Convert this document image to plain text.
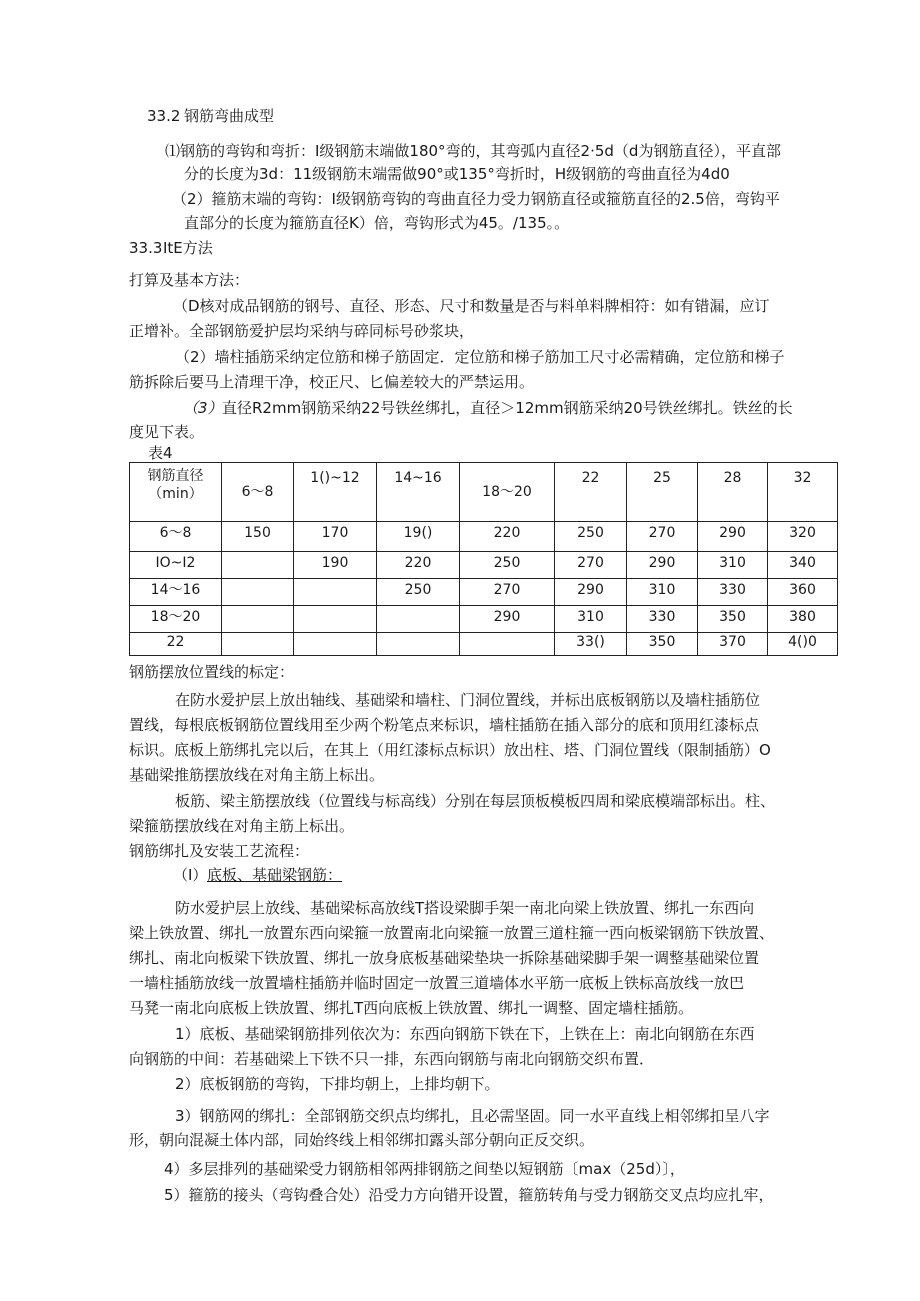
33.2 钢筋弯曲成型
⑴钢筋的弯钩和弯折：Ⅰ级钢筋末端做180°弯的，其弯弧内直径2·5d（d为钢筋直径），平直部
分的长度为3d：11级钢筋末端需做90°或135°弯折时，H级钢筋的弯曲直径为4d0
（2）箍筋末端的弯钩：Ⅰ级钢筋弯钩的弯曲直径力受力钢筋直径或箍筋直径的2.5倍，弯钩平
直部分的长度为箍筋直径K）倍，弯钩形式为45。/135。。
33.3 ItE方法
打算及基本方法：
（D核对成品钢筋的钢号、直径、形态、尺寸和数量是否与料单料牌相符：如有错漏，应订
正增补。全部钢筋爱护层均采纳与碎同标号砂浆块，
（2）墙柱插筋采纳定位筋和梯子筋固定．定位筋和梯子筋加工尺寸必需精确，定位筋和梯子
筋拆除后要马上清理干净，校正尺、匕偏差较大的严禁运用。
（3） 直径R2mm钢筋采纳22号铁丝绑扎，直径＞12mm钢筋采纳20号铁丝绑扎。铁丝的长
度见下表。
表4
钢筋直径
（min）	6～8	1()~12	14~16	18～20	22	25	28	32
6～8	150	170	19()	220	250	270	290	320
IO~I2		190	220	250	270	290	310	340
14～16			250	270	290	310	330	360
18～20				290	310	330	350	380
22					33()	350	370	4()0
钢筋摆放位置线的标定：
在防水爱护层上放出轴线、基础梁和墙柱、门洞位置线，并标出底板钢筋以及墙柱插筋位
置线，每根底板钢筋位置线用至少两个粉笔点来标识，墙柱插筋在插入部分的底和顶用红漆标点
标识。底板上筋绑扎完以后，在其上（用红漆标点标识）放出柱、塔、门洞位置线（限制插筋）O
基础梁推筋摆放线在对角主筋上标出。
板筋、梁主筋摆放线（位置线与标高线）分别在每层顶板模板四周和梁底模端部标出。柱、
梁箍筋摆放线在对角主筋上标出。
钢筋绑扎及安装工艺流程：
（Ⅰ） 底板、基础梁钢筋：
防水爱护层上放线、基础梁标高放线T搭设梁脚手架一南北向梁上铁放置、绑扎一东西向
梁上铁放置、绑扎一放置东西向梁箍一放置南北向梁箍一放置三道柱箍一西向板梁钢筋下铁放置、
绑扎、南北向板梁下铁放置、绑扎一放身底板基础梁垫块一拆除基础梁脚手架一调整基础梁位置
一墙柱插筋放线一放置墙柱插筋并临时固定一放置三道墙体水平筋一底板上铁标高放线一放巴
马凳一南北向底板上铁放置、绑扎T西向底板上铁放置、绑扎一调整、固定墙柱插筋。
1）底板、基础梁钢筋排列依次为：东西向钢筋下铁在下，上铁在上：南北向钢筋在东西
向钢筋的中间：若基础梁上下铁不只一排，东西向钢筋与南北向钢筋交织布置．
2）底板钢筋的弯钩，下排均朝上，上排均朝下。
3）钢筋网的绑扎：全部钢筋交织点均绑扎，且必需坚固。同一水平直线上相邻绑扣呈八字
形，朝向混凝土体内部，同始终线上相邻绑扣露头部分朝向正反交织。
4）多层排列的基础梁受力钢筋相邻两排钢筋之间垫以短钢筋〔max（25d）〕，
5）箍筋的接头（弯钩叠合处）沿受力方向错开设置，箍筋转角与受力钢筋交叉点均应扎牢，
